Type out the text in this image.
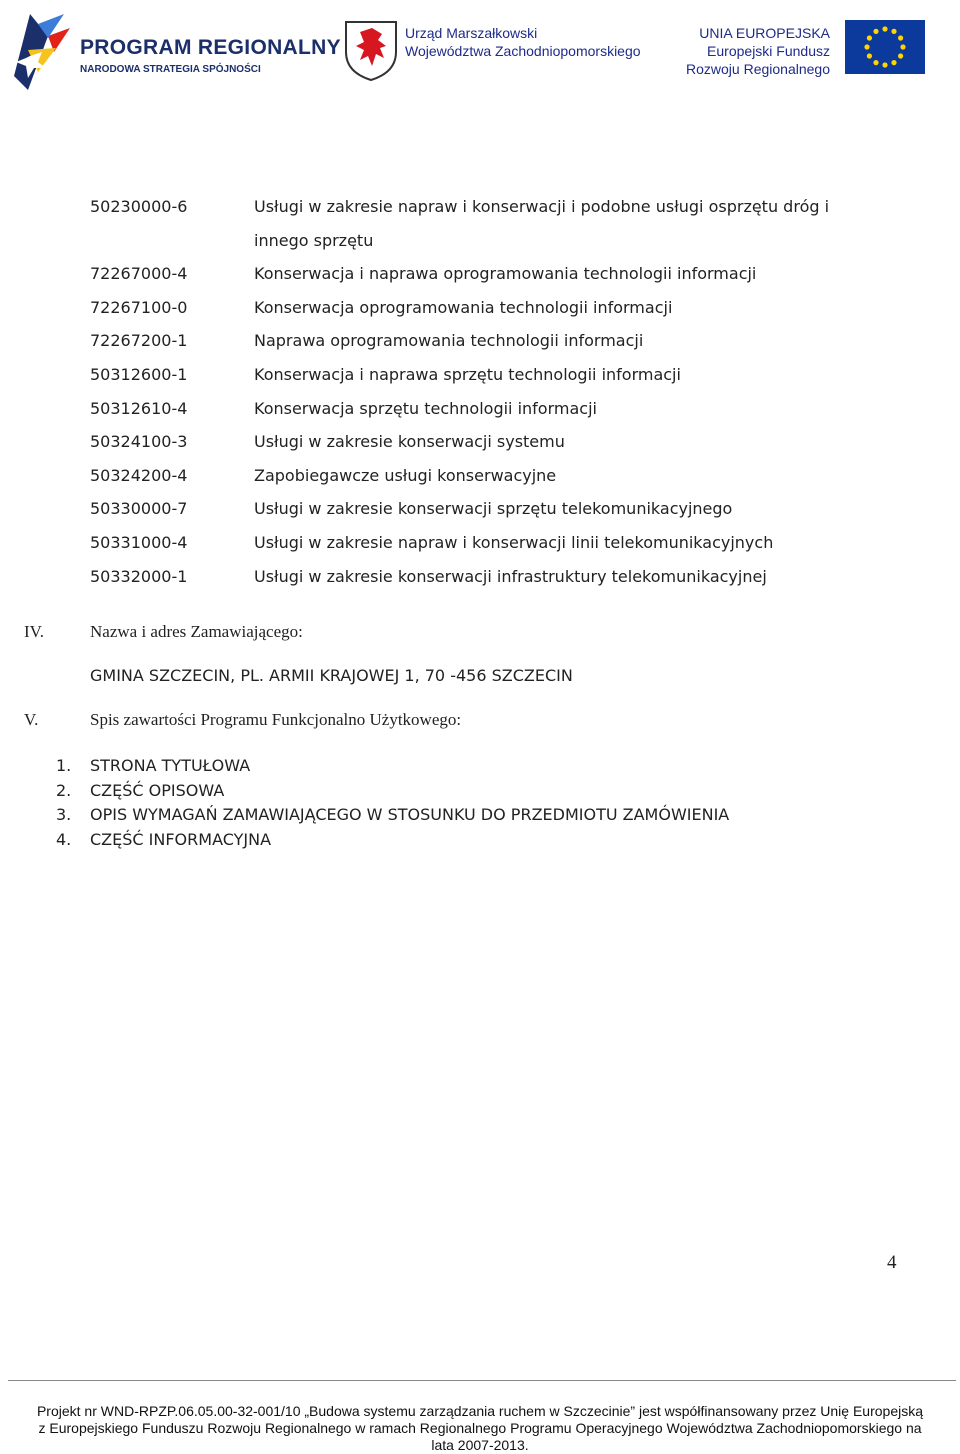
PROGRAM REGIONALNY
NARODOWA STRATEGIA SPÓJNOŚCI
Urząd Marszałkowski
Województwa Zachodniopomorskiego
UNIA EUROPEJSKA
Europejski Fundusz
Rozwoju Regionalnego
50230000-6	Usługi w zakresie napraw i konserwacji i podobne usługi osprzętu dróg i
innego sprzętu
72267000-4	Konserwacja i naprawa oprogramowania technologii informacji
72267100-0	Konserwacja oprogramowania technologii informacji
72267200-1	Naprawa oprogramowania technologii informacji
50312600-1	Konserwacja i naprawa sprzętu technologii informacji
50312610-4	Konserwacja sprzętu technologii informacji
50324100-3	Usługi w zakresie konserwacji systemu
50324200-4	Zapobiegawcze usługi konserwacyjne
50330000-7	Usługi w zakresie konserwacji sprzętu telekomunikacyjnego
50331000-4	Usługi w zakresie napraw i konserwacji linii telekomunikacyjnych
50332000-1	Usługi w zakresie konserwacji infrastruktury telekomunikacyjnej
IV.	Nazwa i adres Zamawiającego:
GMINA SZCZECIN, PL. ARMII KRAJOWEJ 1, 70 -456 SZCZECIN
V.	Spis zawartości Programu Funkcjonalno Użytkowego:
1.	STRONA TYTUŁOWA
2.	CZĘŚĆ OPISOWA
3.	OPIS WYMAGAŃ ZAMAWIAJĄCEGO W STOSUNKU DO PRZEDMIOTU ZAMÓWIENIA
4.	CZĘŚĆ INFORMACYJNA
4
Projekt nr WND-RPZP.06.05.00-32-001/10 „Budowa systemu zarządzania ruchem w Szczecinie” jest współfinansowany przez Unię Europejską
z Europejskiego Funduszu Rozwoju Regionalnego w ramach Regionalnego Programu Operacyjnego Województwa Zachodniopomorskiego na
lata 2007-2013.
